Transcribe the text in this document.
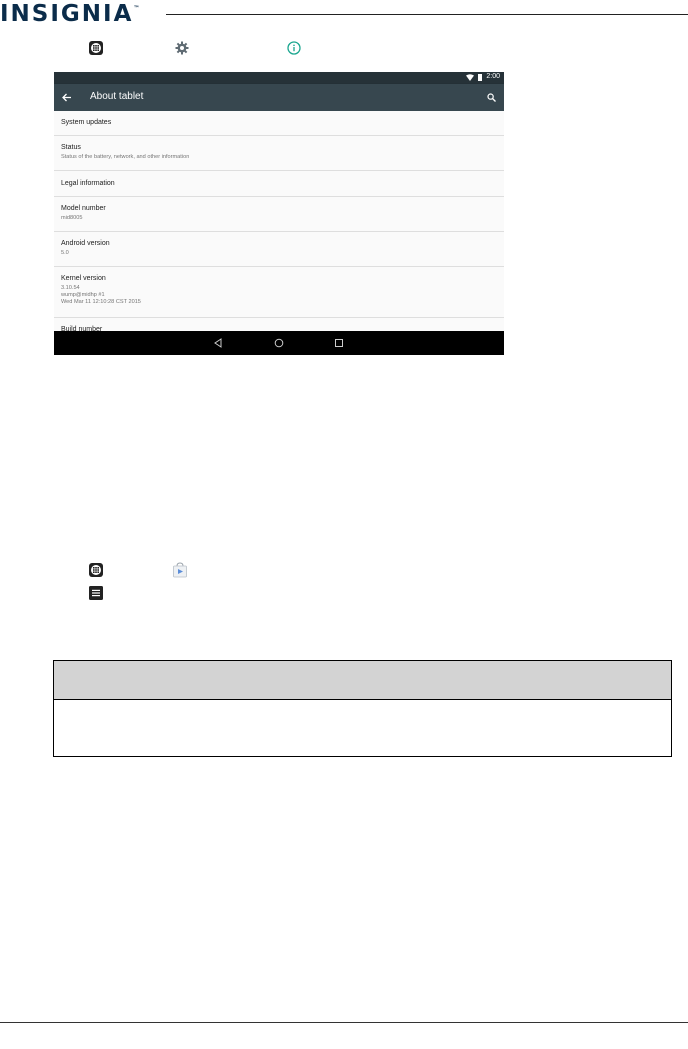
INSIGNIA™
2:00
About tablet
System updates
Status
Status of the battery, network, and other information
Legal information
Model number
mid8005
Android version
5.0
Kernel version
3.10.54
wump@midhp #1
Wed Mar 11 12:10:28 CST 2015
Build number
